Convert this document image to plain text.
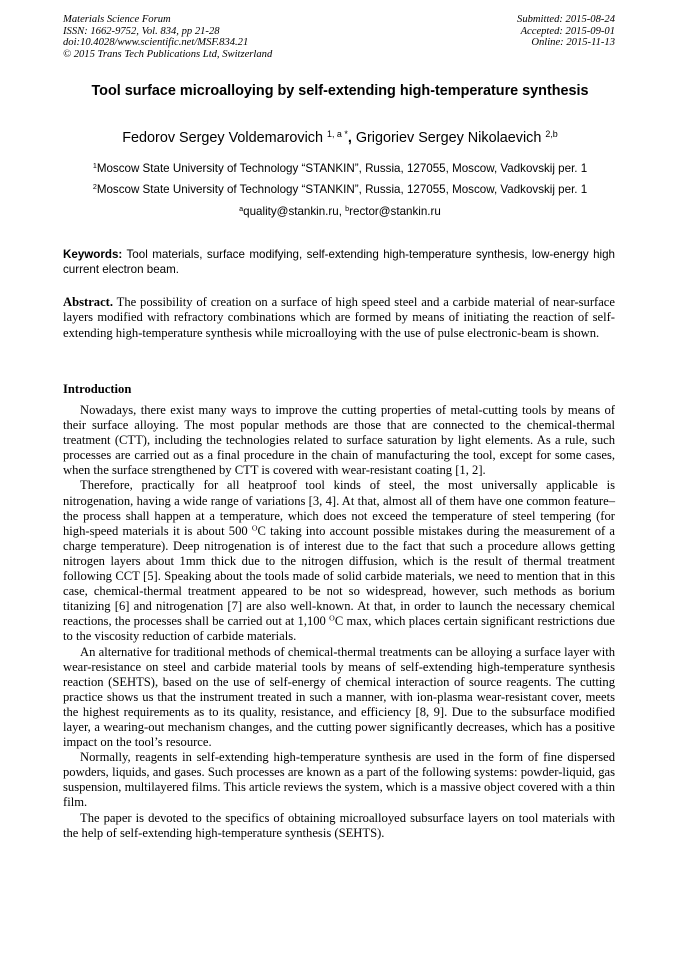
Materials Science Forum
ISSN: 1662-9752, Vol. 834, pp 21-28
doi:10.4028/www.scientific.net/MSF.834.21
© 2015 Trans Tech Publications Ltd, Switzerland
Submitted: 2015-08-24
Accepted: 2015-09-01
Online: 2015-11-13
Tool surface microalloying by self-extending high-temperature synthesis
Fedorov Sergey Voldemarovich $^{1, a *}$, Grigoriev Sergey Nikolaevich $^{2,b}$
$^1$Moscow State University of Technology “STANKIN”, Russia, 127055, Moscow, Vadkovskij per. 1
$^2$Moscow State University of Technology “STANKIN”, Russia, 127055, Moscow, Vadkovskij per. 1
$^a$quality@stankin.ru, $^b$rector@stankin.ru
Keywords: Tool materials, surface modifying, self-extending high-temperature synthesis, low-energy high current electron beam.
Abstract. The possibility of creation on a surface of high speed steel and a carbide material of near-surface layers modified with refractory combinations which are formed by means of initiating the reaction of self-extending high-temperature synthesis while microalloying with the use of pulse electronic-beam is shown.
Introduction

Nowadays, there exist many ways to improve the cutting properties of metal-cutting tools by means of their surface alloying. The most popular methods are those that are connected to the chemical-thermal treatment (CTT), including the technologies related to surface saturation by light elements. As a rule, such processes are carried out as a final procedure in the chain of manufacturing the tool, except for some cases, when the surface strengthened by CTT is covered with wear-resistant coating [1, 2].

Therefore, practically for all heatproof tool kinds of steel, the most universally applicable is nitrogenation, having a wide range of variations [3, 4]. At that, almost all of them have one common feature– the process shall happen at a temperature, which does not exceed the temperature of steel tempering (for high-speed materials it is about 500 $^O$C taking into account possible mistakes during the measurement of a charge temperature). Deep nitrogenation is of interest due to the fact that such a procedure allows getting nitrogen layers about 1mm thick due to the nitrogen diffusion, which is the result of thermal treatment following CCT [5]. Speaking about the tools made of solid carbide materials, we need to mention that in this case, chemical-thermal treatment appeared to be not so widespread, however, such methods as borium titanizing [6] and nitrogenation [7] are also well-known. At that, in order to launch the necessary chemical reactions, the processes shall be carried out at 1,100 $^O$C max, which places certain significant restrictions due to the viscosity reduction of carbide materials.

An alternative for traditional methods of chemical-thermal treatments can be alloying a surface layer with wear-resistance on steel and carbide material tools by means of self-extending high-temperature synthesis reaction (SEHTS), based on the use of self-energy of chemical interaction of source reagents. The cutting practice shows us that the instrument treated in such a manner, with ion-plasma wear-resistant cover, meets the highest requirements as to its quality, resistance, and efficiency [8, 9]. Due to the subsurface modified layer, a wearing-out mechanism changes, and the cutting power significantly decreases, which has a positive impact on the tool’s resource.

Normally, reagents in self-extending high-temperature synthesis are used in the form of fine dispersed powders, liquids, and gases. Such processes are known as a part of the following systems: powder-liquid, gas suspension, multilayered films. This article reviews the system, which is a massive object covered with a thin film.

The paper is devoted to the specifics of obtaining microalloyed subsurface layers on tool materials with the help of self-extending high-temperature synthesis (SEHTS).
